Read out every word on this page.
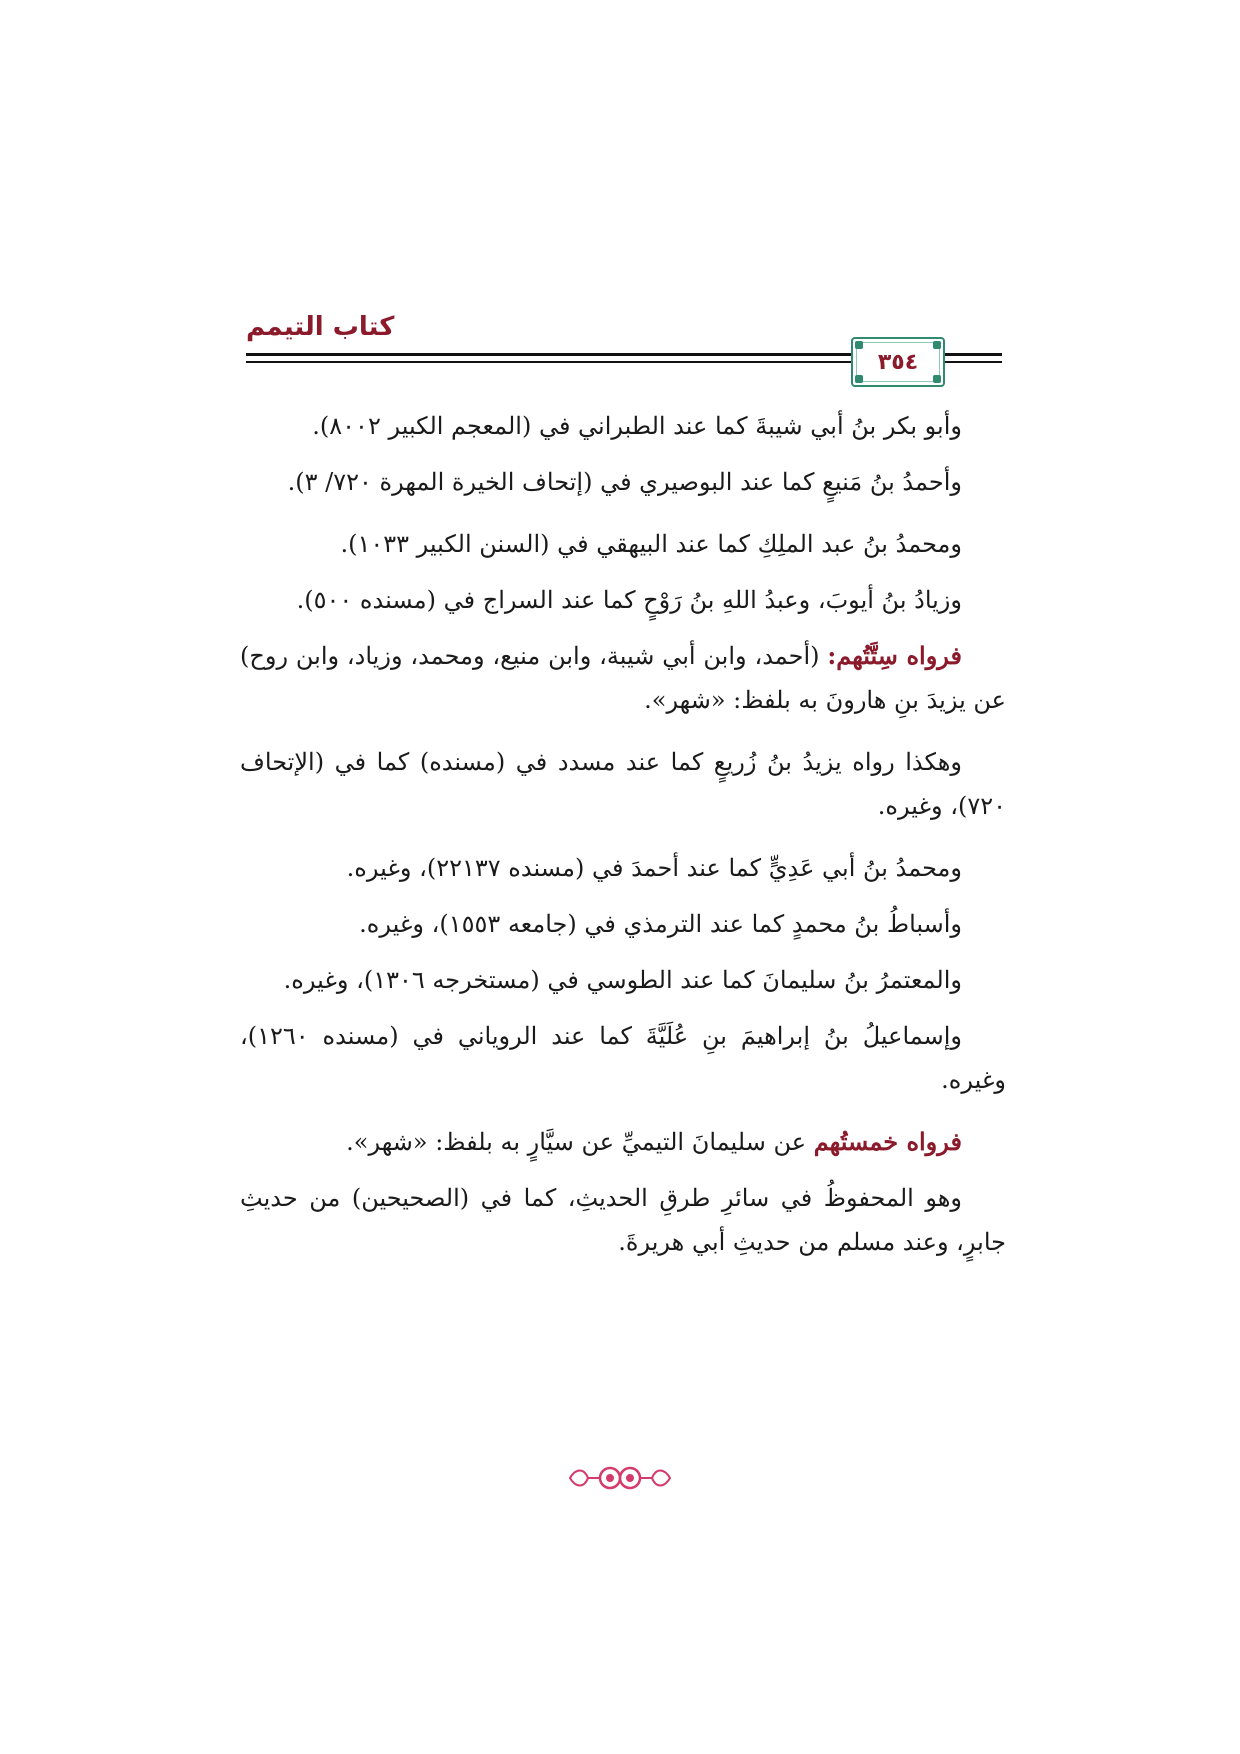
كتاب التيمم
٣٥٤

وأبو بكر بنُ أبي شيبةَ كما عند الطبراني في (المعجم الكبير ٨٠٠٢).

وأحمدُ بنُ مَنيعٍ كما عند البوصيري في (إتحاف الخيرة المهرة ٧٢٠/ ٣).

ومحمدُ بنُ عبد الملِكِ كما عند البيهقي في (السنن الكبير ١٠٣٣).

وزيادُ بنُ أيوبَ، وعبدُ اللهِ بنُ رَوْحٍ كما عند السراج في (مسنده ٥٠٠).

فرواه سِتَّتُهم: (أحمد، وابن أبي شيبة، وابن منيع، ومحمد، وزياد، وابن روح) عن يزيدَ بنِ هارونَ به بلفظ: «شهر».

وهكذا رواه يزيدُ بنُ زُريعٍ كما عند مسدد في (مسنده) كما في (الإتحاف ٧٢٠)، وغيره.

ومحمدُ بنُ أبي عَدِيٍّ كما عند أحمدَ في (مسنده ٢٢١٣٧)، وغيره.

وأسباطُ بنُ محمدٍ كما عند الترمذي في (جامعه ١٥٥٣)، وغيره.

والمعتمرُ بنُ سليمانَ كما عند الطوسي في (مستخرجه ١٣٠٦)، وغيره.

وإسماعيلُ بنُ إبراهيمَ بنِ عُلَيَّةَ كما عند الروياني في (مسنده ١٢٦٠)، وغيره.

فرواه خمستُهم عن سليمانَ التيميِّ عن سيَّارٍ به بلفظ: «شهر».

وهو المحفوظُ في سائرِ طرقِ الحديثِ، كما في (الصحيحين) من حديثِ جابرٍ، وعند مسلم من حديثِ أبي هريرةَ.
